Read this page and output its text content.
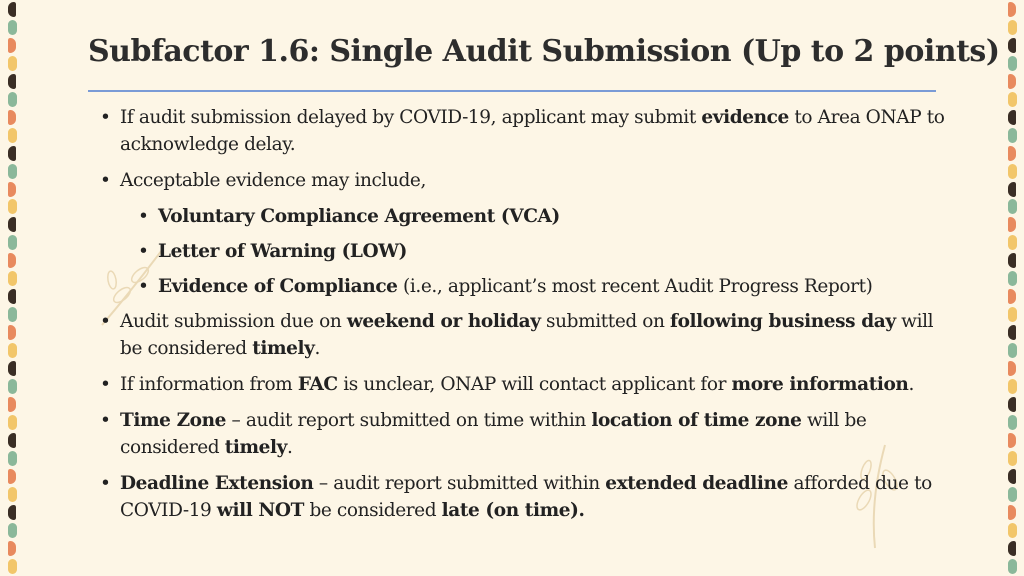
Subfactor 1.6: Single Audit Submission (Up to 2 points)
• If audit submission delayed by COVID-19, applicant may submit evidence to Area ONAP to acknowledge delay.
• Acceptable evidence may include,
• Voluntary Compliance Agreement (VCA)
• Letter of Warning (LOW)
• Evidence of Compliance (i.e., applicant’s most recent Audit Progress Report)
• Audit submission due on weekend or holiday submitted on following business day will be considered timely.
• If information from FAC is unclear, ONAP will contact applicant for more information.
• Time Zone – audit report submitted on time within location of time zone will be considered timely.
• Deadline Extension – audit report submitted within extended deadline afforded due to COVID-19 will NOT be considered late (on time).
